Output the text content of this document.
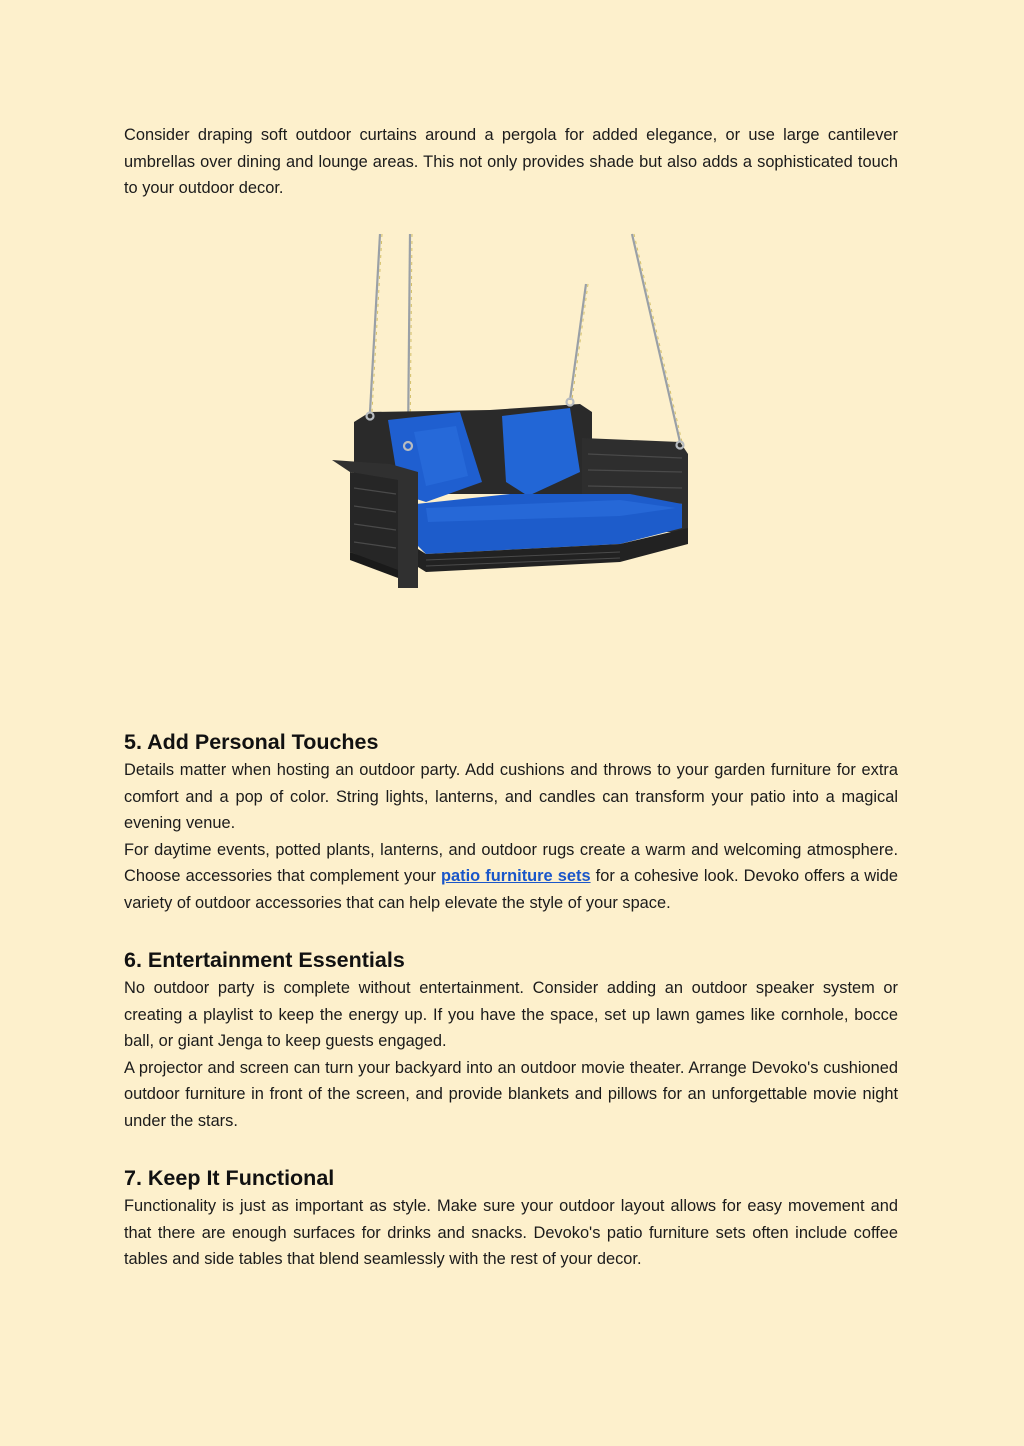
Consider draping soft outdoor curtains around a pergola for added elegance, or use large cantilever umbrellas over dining and lounge areas. This not only provides shade but also adds a sophisticated touch to your outdoor decor.

5. Add Personal Touches

Details matter when hosting an outdoor party. Add cushions and throws to your garden furniture for extra comfort and a pop of color. String lights, lanterns, and candles can transform your patio into a magical evening venue.

For daytime events, potted plants, lanterns, and outdoor rugs create a warm and welcoming atmosphere. Choose accessories that complement your patio furniture sets for a cohesive look. Devoko offers a wide variety of outdoor accessories that can help elevate the style of your space.

6. Entertainment Essentials

No outdoor party is complete without entertainment. Consider adding an outdoor speaker system or creating a playlist to keep the energy up. If you have the space, set up lawn games like cornhole, bocce ball, or giant Jenga to keep guests engaged.

A projector and screen can turn your backyard into an outdoor movie theater. Arrange Devoko's cushioned outdoor furniture in front of the screen, and provide blankets and pillows for an unforgettable movie night under the stars.

7. Keep It Functional

Functionality is just as important as style. Make sure your outdoor layout allows for easy movement and that there are enough surfaces for drinks and snacks. Devoko's patio furniture sets often include coffee tables and side tables that blend seamlessly with the rest of your decor.
